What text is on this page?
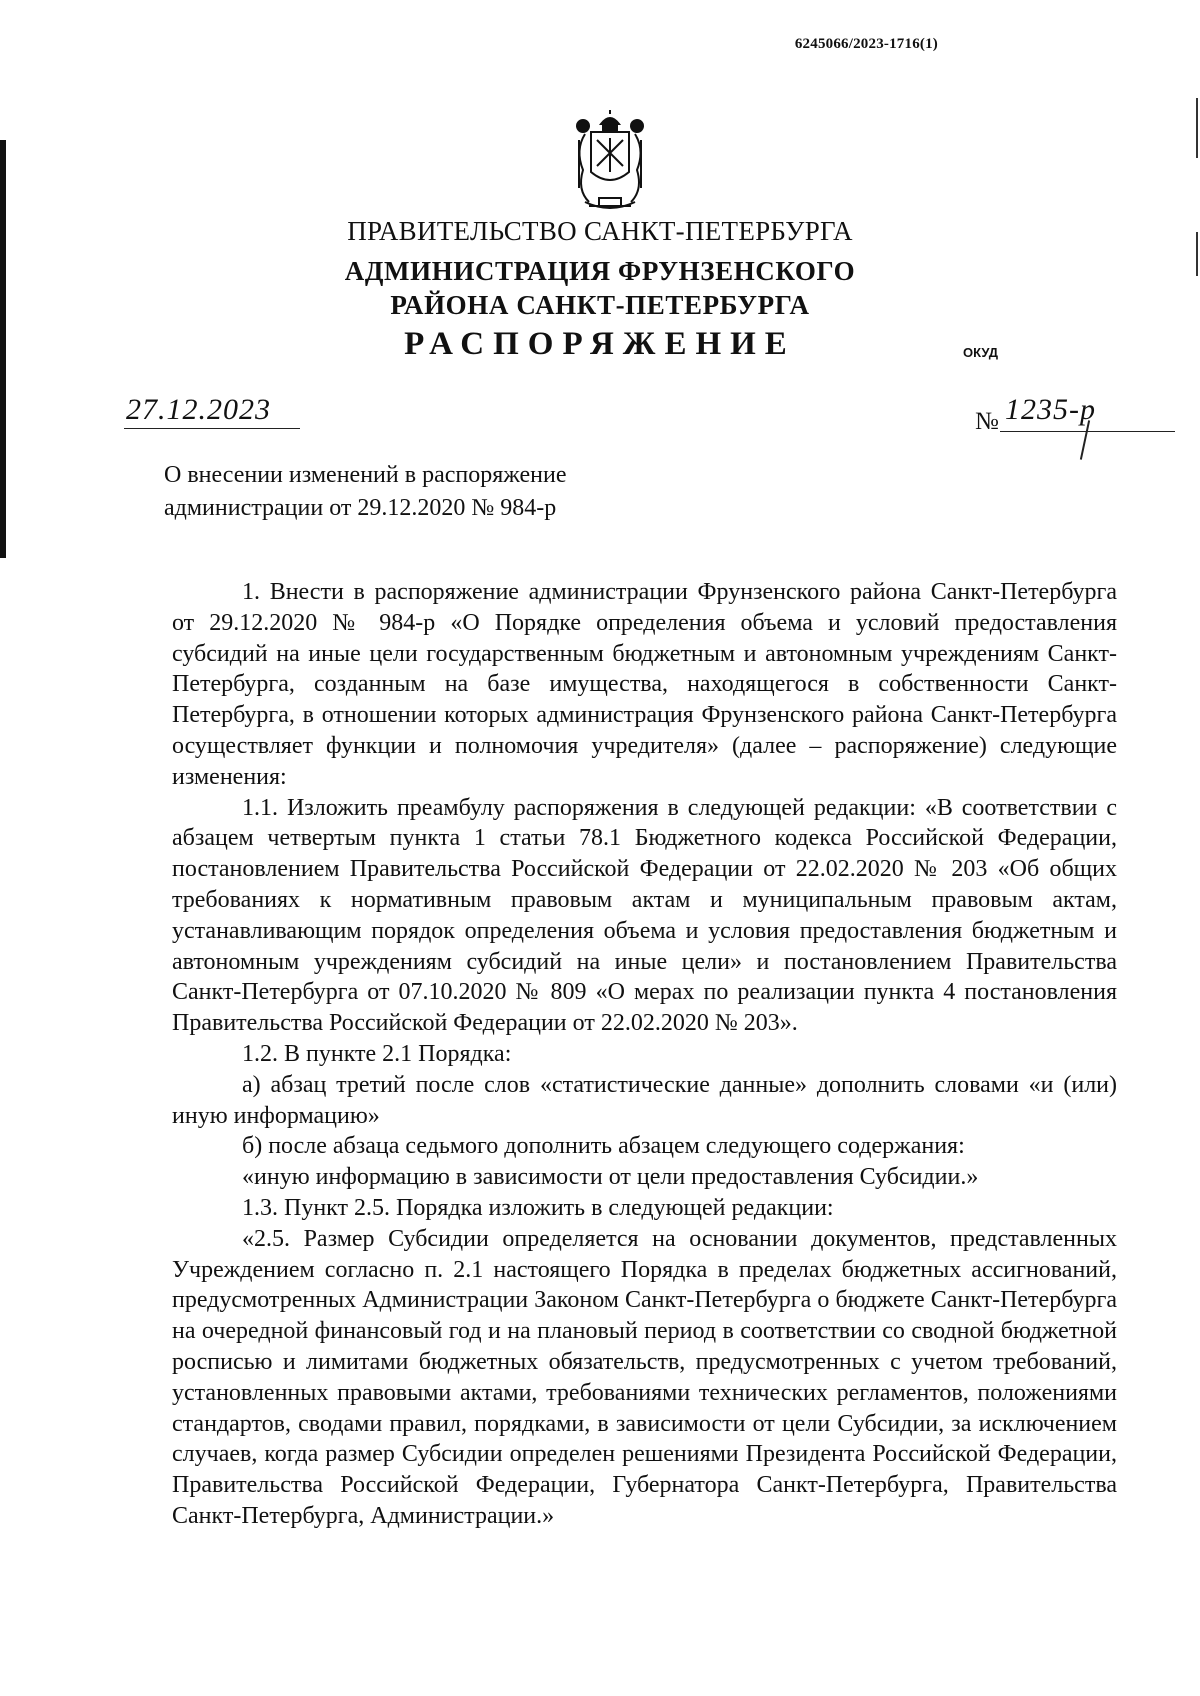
6245066/2023-1716(1)
ПРАВИТЕЛЬСТВО САНКТ-ПЕТЕРБУРГА
АДМИНИСТРАЦИЯ ФРУНЗЕНСКОГО
РАЙОНА САНКТ-ПЕТЕРБУРГА
РАСПОРЯЖЕНИЕ	ОКУД
27.12.2023	№ 1235-р
О внесении изменений в распоряжение
администрации от 29.12.2020 № 984-р

1. Внести в распоряжение администрации Фрунзенского района Санкт-Петербурга от 29.12.2020 № 984-р «О Порядке определения объема и условий предоставления субсидий на иные цели государственным бюджетным и автономным учреждениям Санкт-Петербурга, созданным на базе имущества, находящегося в собственности Санкт-Петербурга, в отношении которых администрация Фрунзенского района Санкт-Петербурга осуществляет функции и полномочия учредителя» (далее – распоряжение) следующие изменения:

1.1. Изложить преамбулу распоряжения в следующей редакции: «В соответствии с абзацем четвертым пункта 1 статьи 78.1 Бюджетного кодекса Российской Федерации, постановлением Правительства Российской Федерации от 22.02.2020 № 203 «Об общих требованиях к нормативным правовым актам и муниципальным правовым актам, устанавливающим порядок определения объема и условия предоставления бюджетным и автономным учреждениям субсидий на иные цели» и постановлением Правительства Санкт-Петербурга от 07.10.2020 № 809 «О мерах по реализации пункта 4 постановления Правительства Российской Федерации от 22.02.2020 № 203».

1.2. В пункте 2.1 Порядка:

а) абзац третий после слов «статистические данные» дополнить словами «и (или) иную информацию»

б) после абзаца седьмого дополнить абзацем следующего содержания:

«иную информацию в зависимости от цели предоставления Субсидии.»

1.3. Пункт 2.5. Порядка изложить в следующей редакции:

«2.5. Размер Субсидии определяется на основании документов, представленных Учреждением согласно п. 2.1 настоящего Порядка в пределах бюджетных ассигнований, предусмотренных Администрации Законом Санкт-Петербурга о бюджете Санкт-Петербурга на очередной финансовый год и на плановый период в соответствии со сводной бюджетной росписью и лимитами бюджетных обязательств, предусмотренных с учетом требований, установленных правовыми актами, требованиями технических регламентов, положениями стандартов, сводами правил, порядками, в зависимости от цели Субсидии, за исключением случаев, когда размер Субсидии определен решениями Президента Российской Федерации, Правительства Российской Федерации, Губернатора Санкт-Петербурга, Правительства Санкт-Петербурга, Администрации.»
